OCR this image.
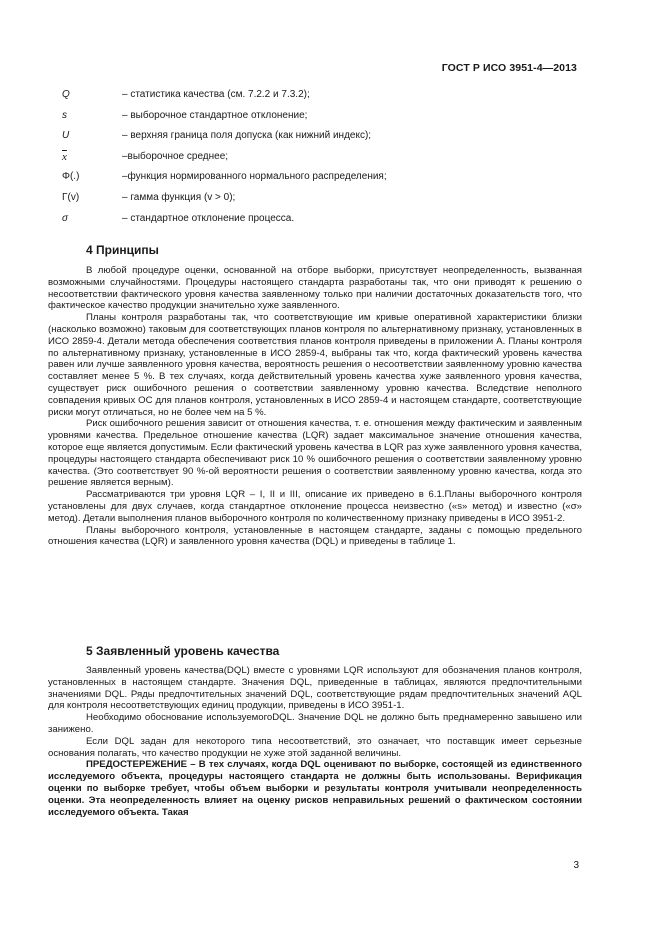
ГОСТ Р ИСО 3951-4—2013
Q	– статистика качества (см. 7.2.2 и 7.3.2);
s	– выборочное стандартное отклонение;
U	– верхняя граница поля допуска (как нижний индекс);
$\overline{x}$	–выборочное среднее;
Φ(.)	–функция нормированного нормального распределения;
Γ(v)	– гамма функция (v > 0);
σ	– стандартное отклонение процесса.
4 Принципы

В любой процедуре оценки, основанной на отборе выборки, присутствует неопределенность, вызванная возможными случайностями. Процедуры настоящего стандарта разработаны так, что они приводят к решению о несоответствии фактического уровня качества заявленному только при наличии достаточных доказательств того, что фактическое качество продукции значительно хуже заявленного.

Планы контроля разработаны так, что соответствующие им кривые оперативной характеристики близки (насколько возможно) таковым для соответствующих планов контроля по альтернативному признаку, установленных в ИСО 2859-4. Детали метода обеспечения соответствия планов контроля приведены в приложении А. Планы контроля по альтернативному признаку, установленные в ИСО 2859-4, выбраны так что, когда фактический уровень качества равен или лучше заявленного уровня качества, вероятность решения о несоответствии заявленному уровню качества составляет менее 5 %. В тех случаях, когда действительный уровень качества хуже заявленного уровня качества, существует риск ошибочного решения о соответствии заявленному уровню качества. Вследствие неполного совпадения кривых ОС для планов контроля, установленных в ИСО 2859-4 и настоящем стандарте, соответствующие риски могут отличаться, но не более чем на 5 %.

Риск ошибочного решения зависит от отношения качества, т. е. отношения между фактическим и заявленным уровнями качества. Предельное отношение качества (LQR) задает максимальное значение отношения качества, которое еще является допустимым. Если фактический уровень качества в LQR раз хуже заявленного уровня качества, процедуры настоящего стандарта обеспечивают риск 10 % ошибочного решения о соответствии заявленному уровню качества. (Это соответствует 90 %-ой вероятности решения о соответствии заявленному уровню качества, когда это решение является верным).

Рассматриваются три уровня LQR – I, II и III, описание их приведено в 6.1.Планы выборочного контроля установлены для двух случаев, когда стандартное отклонение процесса неизвестно («s» метод) и известно («σ» метод). Детали выполнения планов выборочного контроля по количественному признаку приведены в ИСО 3951-2.

Планы выборочного контроля, установленные в настоящем стандарте, заданы с помощью предельного отношения качества (LQR) и заявленного уровня качества (DQL) и приведены в таблице 1.

5 Заявленный уровень качества

Заявленный уровень качества(DQL) вместе с уровнями LQR используют для обозначения планов контроля, установленных в настоящем стандарте. Значения DQL, приведенные в таблицах, являются предпочтительными значениями DQL. Ряды предпочтительных значений DQL, соответствующие рядам предпочтительных значений AQL для контроля несоответствующих единиц продукции, приведены в ИСО 3951-1.

Необходимо обоснование используемогоDQL. Значение DQL не должно быть преднамеренно завышено или занижено.

Если DQL задан для некоторого типа несоответствий, это означает, что поставщик имеет серьезные основания полагать, что качество продукции не хуже этой заданной величины.

ПРЕДОСТЕРЕЖЕНИЕ – В тех случаях, когда DQL оценивают по выборке, состоящей из единственного исследуемого объекта, процедуры настоящего стандарта не должны быть использованы. Верификация оценки по выборке требует, чтобы объем выборки и результаты контроля учитывали неопределенность оценки. Эта неопределенность влияет на оценку рисков неправильных решений о фактическом состоянии исследуемого объекта. Такая

3
